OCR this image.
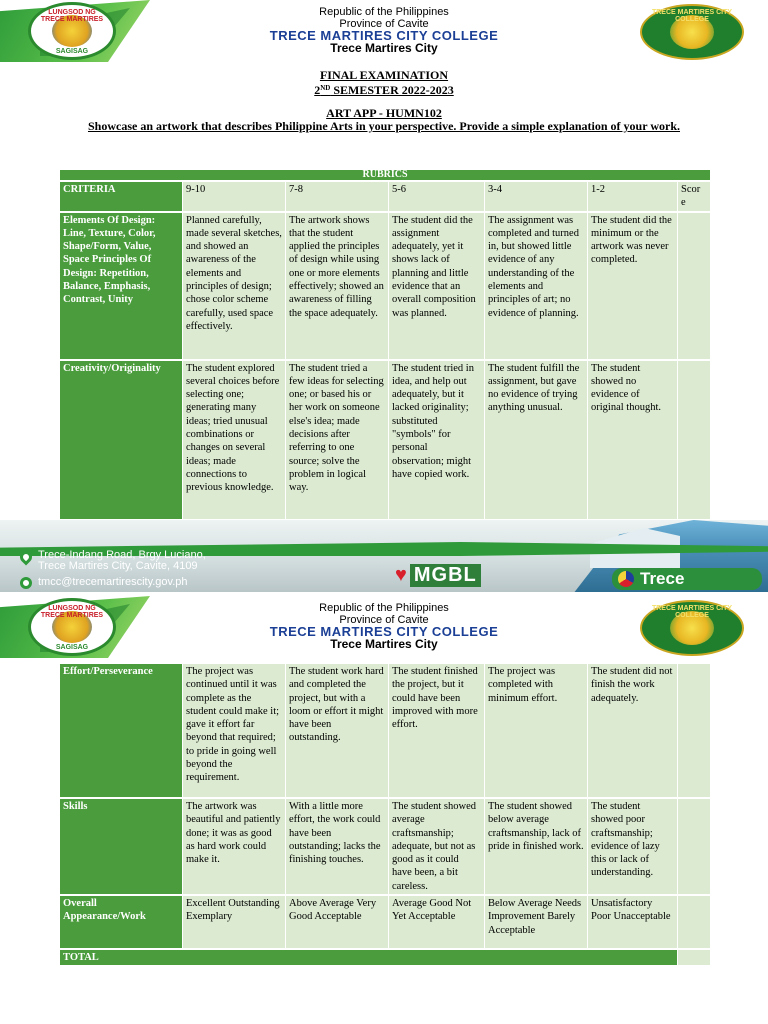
LUNGSOD NG TRECE MARTIRES
SAGISAG
Republic of the Philippines
Province of Cavite
TRECE MARTIRES CITY COLLEGE
Trece Martires City
TRECE MARTIRES CITY COLLEGE
FINAL EXAMINATION
2ND SEMESTER 2022-2023
ART APP - HUMN102
Showcase an artwork that describes Philippine Arts in your perspective. Provide a simple explanation of your work.
RUBRICS						
CRITERIA	9-10	7-8	5-6	3-4	1-2	Scor e
Elements Of Design: Line, Texture, Color, Shape/Form, Value, Space Principles Of Design: Repetition, Balance, Emphasis, Contrast, Unity	Planned carefully, made several sketches, and showed an awareness of the elements and principles of design; chose color scheme carefully, used space effectively.	The artwork shows that the student applied the principles of design while using one or more elements effectively; showed an awareness of filling the space adequately.	The student did the assignment adequately, yet it shows lack of planning and little evidence that an overall composition was planned.	The assignment was completed and turned in, but showed little evidence of any understanding of the elements and principles of art; no evidence of planning.	The student did the minimum or the artwork was never completed.	
Creativity/Originality	The student explored several choices before selecting one; generating many ideas; tried unusual combinations or changes on several ideas; made connections to previous knowledge.	The student tried a few ideas for selecting one; or based his or her work on someone else's idea; made decisions after referring to one source; solve the problem in logical way.	The student tried in idea, and help out adequately, but it lacked originality; substituted "symbols" for personal observation; might have copied work.	The student fulfill the assignment, but gave no evidence of trying anything unusual.	The student showed no evidence of original thought.	
Trece-Indang Road, Brgy Luciano,
Trece Martires City, Cavite, 4109
tmcc@trecemartirescity.gov.ph	♥ MGBL	Trece
LUNGSOD NG TRECE MARTIRES
SAGISAG
Republic of the Philippines
Province of Cavite
TRECE MARTIRES CITY COLLEGE
Trece Martires City
TRECE MARTIRES CITY COLLEGE
Effort/Perseverance	The project was continued until it was complete as the student could make it; gave it effort far beyond that required; to pride in going well beyond the requirement.	The student work hard and completed the project, but with a loom or effort it might have been outstanding.	The student finished the project, but it could have been improved with more effort.	The project was completed with minimum effort.	The student did not finish the work adequately.	
Skills	The artwork was beautiful and patiently done; it was as good as hard work could make it.	With a little more effort, the work could have been outstanding; lacks the finishing touches.	The student showed average craftsmanship; adequate, but not as good as it could have been, a bit careless.	The student showed below average craftsmanship, lack of pride in finished work.	The student showed poor craftsmanship; evidence of lazy this or lack of understanding.	
Overall Appearance/Work	Excellent Outstanding Exemplary	Above Average Very Good Acceptable	Average Good Not Yet Acceptable	Below Average Needs Improvement Barely Acceptable	Unsatisfactory Poor Unacceptable	
TOTAL						
